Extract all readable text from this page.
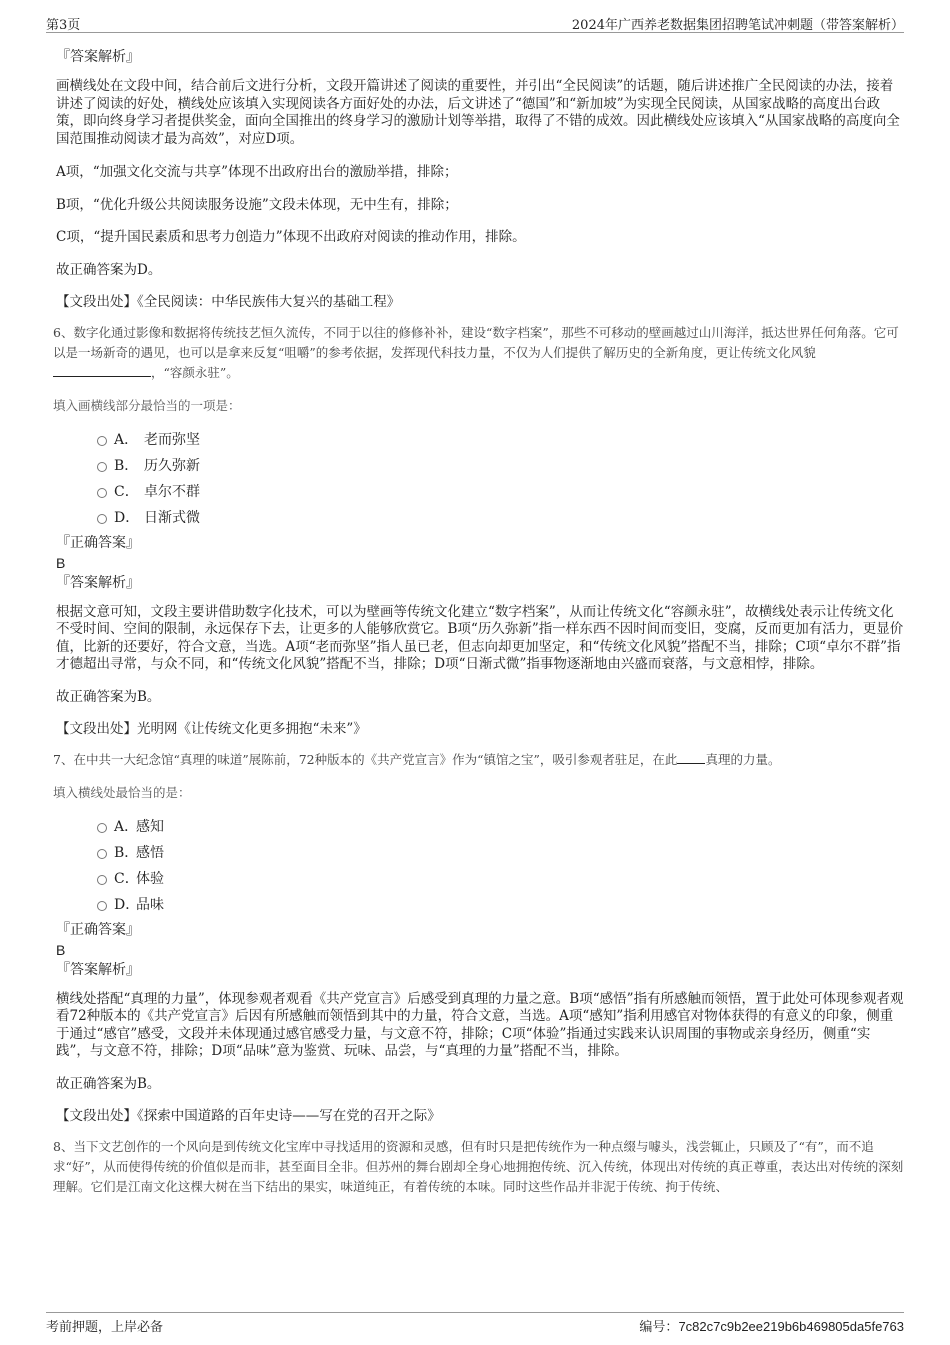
第3页	2024年广西养老数据集团招聘笔试冲刺题（带答案解析）

『答案解析』

画横线处在文段中间，结合前后文进行分析，文段开篇讲述了阅读的重要性，并引出“全民阅读”的话题，随后讲述推广全民阅读的办法，接着讲述了阅读的好处，横线处应该填入实现阅读各方面好处的办法，后文讲述了“德国”和“新加坡”为实现全民阅读，从国家战略的高度出台政策，即向终身学习者提供奖金，面向全国推出的终身学习的激励计划等举措，取得了不错的成效。因此横线处应该填入“从国家战略的高度向全国范围推动阅读才最为高效”，对应D项。

A项，“加强文化交流与共享”体现不出政府出台的激励举措，排除；

B项，“优化升级公共阅读服务设施”文段未体现，无中生有，排除；

C项，“提升国民素质和思考力创造力”体现不出政府对阅读的推动作用，排除。

故正确答案为D。

【文段出处】《全民阅读：中华民族伟大复兴的基础工程》

6、数字化通过影像和数据将传统技艺恒久流传，不同于以往的修修补补，建设“数字档案”，那些不可移动的壁画越过山川海洋，抵达世界任何角落。它可以是一场新奇的遇见，也可以是拿来反复“咀嚼”的参考依据，发挥现代科技力量，不仅为人们提供了解历史的全新角度，更让传统文化风貌，“容颜永驻”。

填入画横线部分最恰当的一项是：

A． 老而弥坚
B． 历久弥新
C． 卓尔不群
D． 日渐式微

『正确答案』

B

『答案解析』

根据文意可知，文段主要讲借助数字化技术，可以为壁画等传统文化建立“数字档案”，从而让传统文化“容颜永驻”，故横线处表示让传统文化不受时间、空间的限制，永远保存下去，让更多的人能够欣赏它。B项“历久弥新”指一样东西不因时间而变旧，变腐，反而更加有活力，更显价值，比新的还要好，符合文意，当选。A项“老而弥坚”指人虽已老，但志向却更加坚定，和“传统文化风貌”搭配不当，排除；C项“卓尔不群”指才德超出寻常，与众不同，和“传统文化风貌”搭配不当，排除；D项“日渐式微”指事物逐渐地由兴盛而衰落，与文意相悖，排除。

故正确答案为B。

【文段出处】光明网《让传统文化更多拥抱“未来”》

7、在中共一大纪念馆“真理的味道”展陈前，72种版本的《共产党宣言》作为“镇馆之宝”，吸引参观者驻足，在此 真理的力量。

填入横线处最恰当的是：

A．感知
B．感悟
C．体验
D．品味

『正确答案』

B

『答案解析』

横线处搭配“真理的力量”，体现参观者观看《共产党宣言》后感受到真理的力量之意。B项“感悟”指有所感触而领悟，置于此处可体现参观者观看72种版本的《共产党宣言》后因有所感触而领悟到其中的力量，符合文意，当选。A项“感知”指利用感官对物体获得的有意义的印象，侧重于通过“感官”感受，文段并未体现通过感官感受力量，与文意不符，排除；C项“体验”指通过实践来认识周围的事物或亲身经历，侧重“实践”，与文意不符，排除；D项“品味”意为鉴赏、玩味、品尝，与“真理的力量”搭配不当，排除。

故正确答案为B。

【文段出处】《探索中国道路的百年史诗——写在党的召开之际》

8、当下文艺创作的一个风向是到传统文化宝库中寻找适用的资源和灵感，但有时只是把传统作为一种点缀与噱头，浅尝辄止，只顾及了“有”，而不追求“好”，从而使得传统的价值似是而非，甚至面目全非。但苏州的舞台剧却全身心地拥抱传统、沉入传统，体现出对传统的真正尊重，表达出对传统的深刻理解。它们是江南文化这棵大树在当下结出的果实，味道纯正，有着传统的本味。同时这些作品并非泥于传统、拘于传统、

考前押题，上岸必备	编号：7c82c7c9b2ee219b6b469805da5fe763
